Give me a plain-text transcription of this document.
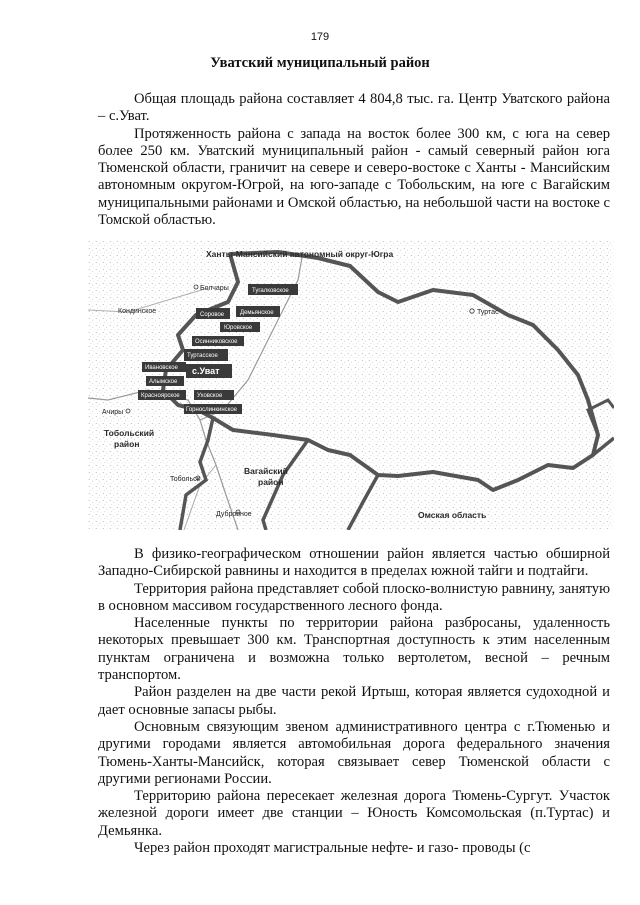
179
Уватский муниципальный район

Общая площадь района составляет 4 804,8 тыс. га. Центр Уватского района – с.Уват.

Протяженность района с запада на восток более 300 км, с юга на север более 250 км. Уватский муниципальный район - самый северный район юга Тюменской области, граничит на севере и северо-востоке с Ханты - Мансийским автономным округом-Югрой, на юго-западе с Тобольским, на юге с Вагайским муниципальными районами и Омской областью, на небольшой части на востоке с Томской областью.

Ханты-Мансийский автономный округ-Югра
Тобольский
район
Вагайский
район
Омская область
Туртас
Кондинское
Болчары
Ачиры
Тобольск
Дубровное
Тугалковское
Соровое	Демьянское
Юровское
Осинниковское
Туртасское
Ивановское с.Уват
Алымское
Красноярское	Уховское
Горнослинкинское

В физико-географическом отношении район является частью обширной Западно-Сибирской равнины и находится в пределах южной тайги и подтайги.

Территория района представляет собой плоско-волнистую равнину, занятую в основном массивом государственного лесного фонда.

Населенные пункты по территории района разбросаны, удаленность некоторых превышает 300 км. Транспортная доступность к этим населенным пунктам ограничена и возможна только вертолетом, весной – речным транспортом.

Район разделен на две части рекой Иртыш, которая является судоходной и дает основные запасы рыбы.

Основным связующим звеном административного центра с г.Тюменью и другими городами является автомобильная дорога федерального значения Тюмень-Ханты-Мансийск, которая связывает север Тюменской области с другими регионами России.

Территорию района пересекает железная дорога Тюмень-Сургут. Участок железной дороги имеет две станции – Юность Комсомольская (п.Туртас) и Демьянка.

Через район проходят магистральные нефте- и газо- проводы (с
